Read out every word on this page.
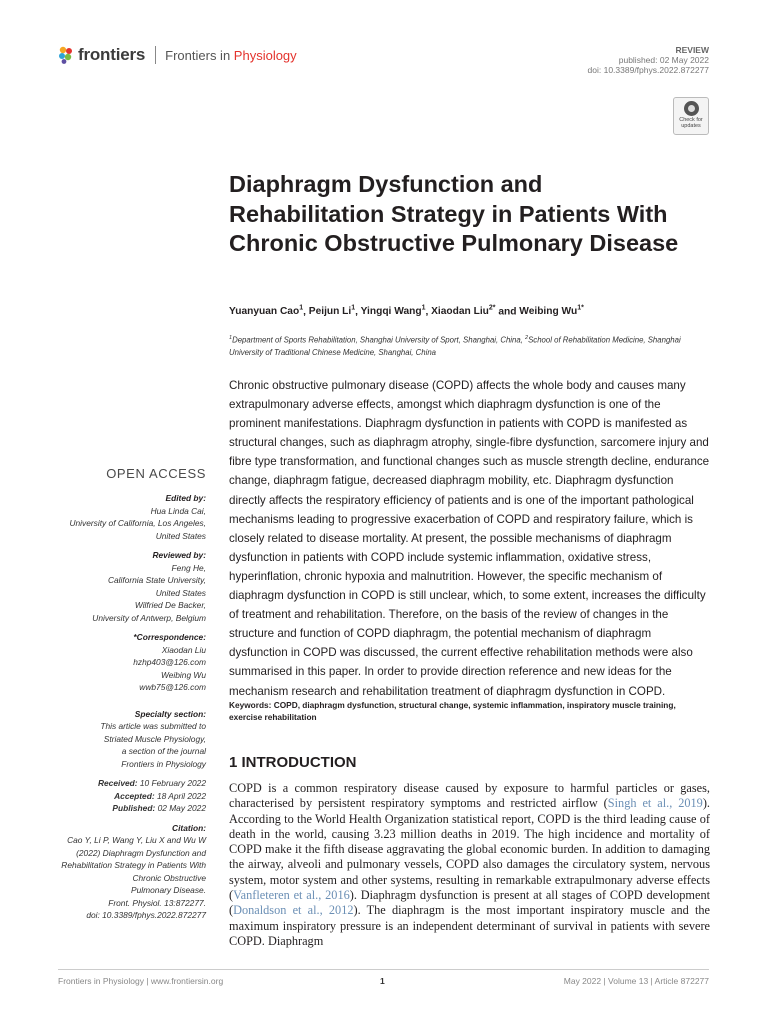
frontiers Frontiers in Physiology	REVIEW
published: 02 May 2022
doi: 10.3389/fphys.2022.872277
Check for
updates
Diaphragm Dysfunction and Rehabilitation Strategy in Patients With Chronic Obstructive Pulmonary Disease
Yuanyuan Cao$^1$, Peijun Li$^1$, Yingqi Wang$^1$, Xiaodan Liu$^{2*}$ and Weibing $Wu^{1*}$
$^1$Department of Sports Rehabilitation, Shanghai University of Sport, Shanghai, China, $^2$School of Rehabilitation Medicine, Shanghai University of Traditional Chinese Medicine, Shanghai, China
Chronic obstructive pulmonary disease (COPD) affects the whole body and causes many extrapulmonary adverse effects, amongst which diaphragm dysfunction is one of the prominent manifestations. Diaphragm dysfunction in patients with COPD is manifested as structural changes, such as diaphragm atrophy, single-fibre dysfunction, sarcomere injury and fibre type transformation, and functional changes such as muscle strength decline, endurance change, diaphragm fatigue, decreased diaphragm mobility, etc. Diaphragm dysfunction directly affects the respiratory efficiency of patients and is one of the important pathological mechanisms leading to progressive exacerbation of COPD and respiratory failure, which is closely related to disease mortality. At present, the possible mechanisms of diaphragm dysfunction in patients with COPD include systemic inflammation, oxidative stress, hyperinflation, chronic hypoxia and malnutrition. However, the specific mechanism of diaphragm dysfunction in COPD is still unclear, which, to some extent, increases the difficulty of treatment and rehabilitation. Therefore, on the basis of the review of changes in the structure and function of COPD diaphragm, the potential mechanism of diaphragm dysfunction in COPD was discussed, the current effective rehabilitation methods were also summarised in this paper. In order to provide direction reference and new ideas for the mechanism research and rehabilitation treatment of diaphragm dysfunction in COPD.
Keywords: COPD, diaphragm dysfunction, structural change, systemic inflammation, inspiratory muscle training, exercise rehabilitation
OPEN ACCESS
Edited by:
Hua Linda Cai,
University of California, Los Angeles,
United States
Reviewed by:
Feng He,
California State University,
United States
Wilfried De Backer,
University of Antwerp, Belgium
*Correspondence:
Xiaodan Liu
hzhp403@126.com
Weibing Wu
wwb75@126.com
Specialty section:
This article was submitted to
Striated Muscle Physiology,
a section of the journal
Frontiers in Physiology
Received: 10 February 2022
Accepted: 18 April 2022
Published: 02 May 2022
Citation:
Cao Y, Li P, Wang Y, Liu X and Wu W
(2022) Diaphragm Dysfunction and
Rehabilitation Strategy in Patients With
Chronic Obstructive
Pulmonary Disease.
Front. Physiol. 13:872277.
doi: 10.3389/fphys.2022.872277
1 INTRODUCTION
COPD is a common respiratory disease caused by exposure to harmful particles or gases, characterised by persistent respiratory symptoms and restricted airflow (Singh et al., 2019). According to the World Health Organization statistical report, COPD is the third leading cause of death in the world, causing 3.23 million deaths in 2019. The high incidence and mortality of COPD make it the fifth disease aggravating the global economic burden. In addition to damaging the airway, alveoli and pulmonary vessels, COPD also damages the circulatory system, nervous system, motor system and other systems, resulting in remarkable extrapulmonary adverse effects (Vanfleteren et al., 2016). Diaphragm dysfunction is present at all stages of COPD development (Donaldson et al., 2012). The diaphragm is the most important inspiratory muscle and the maximum inspiratory pressure is an independent determinant of survival in patients with severe COPD. Diaphragm
Frontiers in Physiology | www.frontiersin.org	1	May 2022 | Volume 13 | Article 872277
